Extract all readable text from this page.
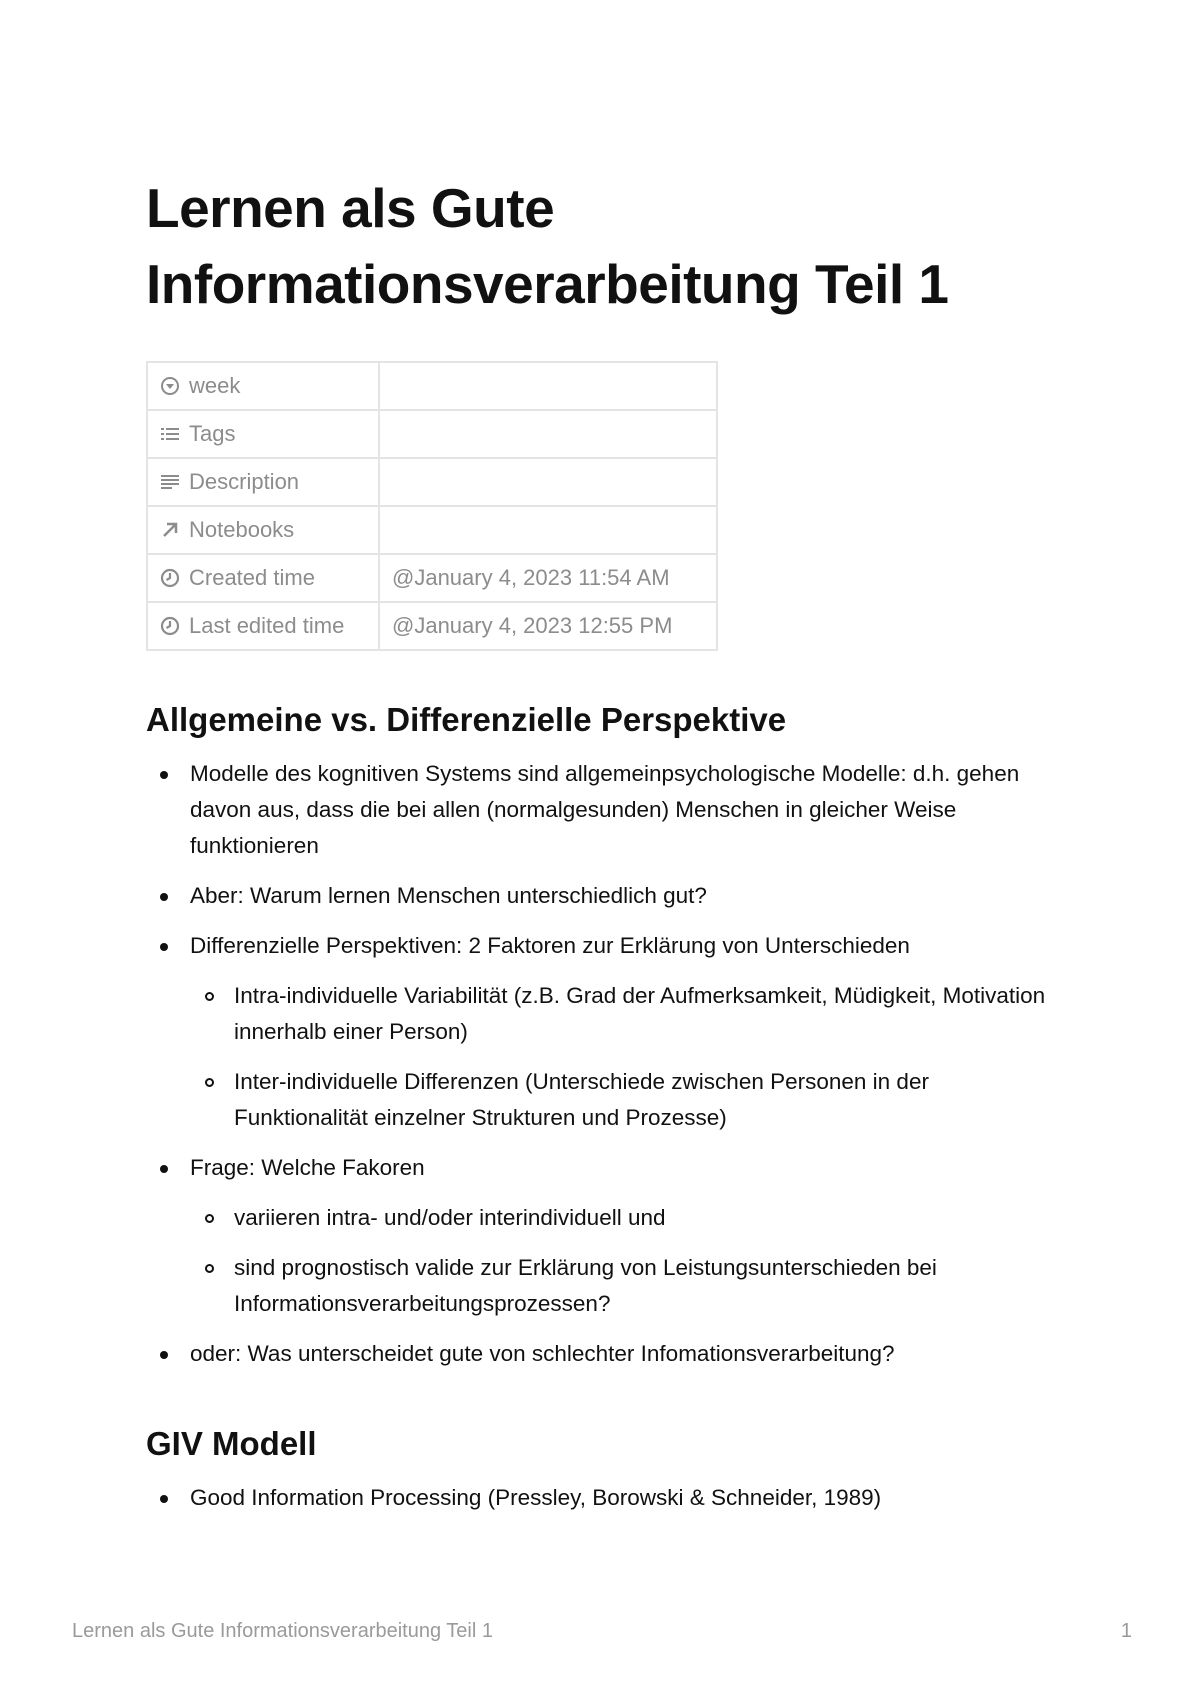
Lernen als Gute
Informationsverarbeitung Teil 1
week	

Tags	

Description	

Notebooks	

Created time	@January 4, 2023 11:54 AM

Last edited time	@January 4, 2023 12:55 PM
Allgemeine vs. Differenzielle Perspektive
Modelle des kognitiven Systems sind allgemeinpsychologische Modelle: d.h. gehen davon aus, dass die bei allen (normalgesunden) Menschen in gleicher Weise funktionieren
Aber: Warum lernen Menschen unterschiedlich gut?
Differenzielle Perspektiven: 2 Faktoren zur Erklärung von Unterschieden
Intra-individuelle Variabilität (z.B. Grad der Aufmerksamkeit, Müdigkeit, Motivation innerhalb einer Person)
Inter-individuelle Differenzen (Unterschiede zwischen Personen in der Funktionalität einzelner Strukturen und Prozesse)
Frage: Welche Fakoren
variieren intra- und/oder interindividuell und
sind prognostisch valide zur Erklärung von Leistungsunterschieden bei Informationsverarbeitungsprozessen?
oder: Was unterscheidet gute von schlechter Infomationsverarbeitung?
GIV Modell
Good Information Processing (Pressley, Borowski & Schneider, 1989)
Lernen als Gute Informationsverarbeitung Teil 1	1
